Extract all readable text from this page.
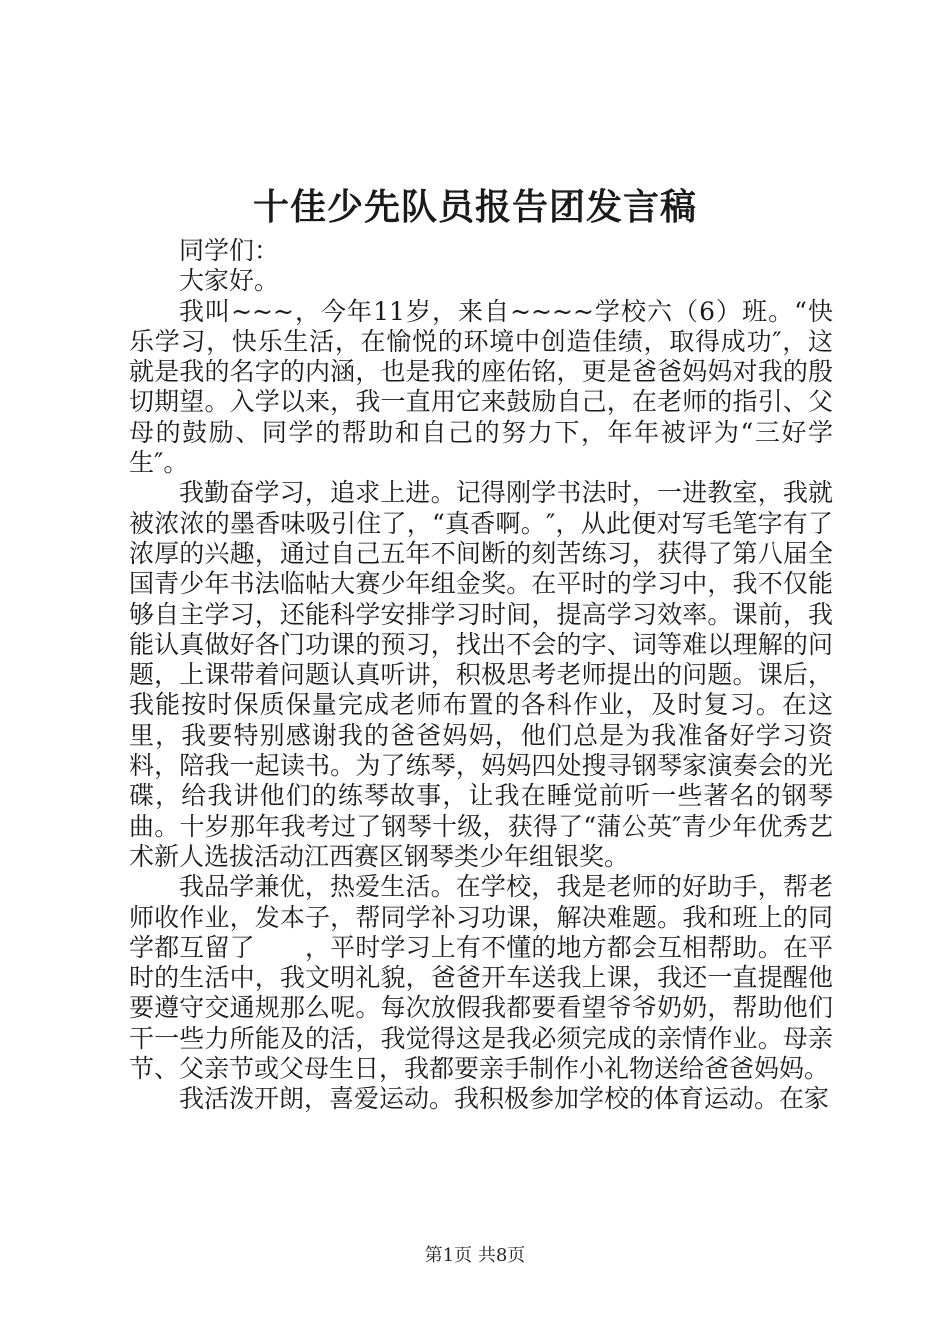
十佳少先队员报告团发言稿

同学们：

大家好。

我叫~~~，今年11岁，来自~~~~学校六（6）班。“快乐学习，快乐生活，在愉悦的环境中创造佳绩，取得成功″，这就是我的名字的内涵，也是我的座佑铭，更是爸爸妈妈对我的殷切期望。入学以来，我一直用它来鼓励自己，在老师的指引、父母的鼓励、同学的帮助和自己的努力下，年年被评为“三好学生″。

我勤奋学习，追求上进。记得刚学书法时，一进教室，我就被浓浓的墨香味吸引住了，“真香啊。″，从此便对写毛笔字有了浓厚的兴趣，通过自己五年不间断的刻苦练习，获得了第八届全国青少年书法临帖大赛少年组金奖。在平时的学习中，我不仅能够自主学习，还能科学安排学习时间，提高学习效率。课前，我能认真做好各门功课的预习，找出不会的字、词等难以理解的问题，上课带着问题认真听讲，积极思考老师提出的问题。课后，我能按时保质保量完成老师布置的各科作业，及时复习。在这里，我要特别感谢我的爸爸妈妈，他们总是为我准备好学习资料，陪我一起读书。为了练琴，妈妈四处搜寻钢琴家演奏会的光碟，给我讲他们的练琴故事，让我在睡觉前听一些著名的钢琴曲。十岁那年我考过了钢琴十级，获得了“蒲公英″青少年优秀艺术新人选拔活动江西赛区钢琴类少年组银奖。

我品学兼优，热爱生活。在学校，我是老师的好助手，帮老师收作业，发本子，帮同学补习功课，解决难题。我和班上的同学都互留了　　，平时学习上有不懂的地方都会互相帮助。在平时的生活中，我文明礼貌，爸爸开车送我上课，我还一直提醒他要遵守交通规那么呢。每次放假我都要看望爷爷奶奶，帮助他们干一些力所能及的活，我觉得这是我必须完成的亲情作业。母亲节、父亲节或父母生日，我都要亲手制作小礼物送给爸爸妈妈。

我活泼开朗，喜爱运动。我积极参加学校的体育运动。在家

第1页 共8页
